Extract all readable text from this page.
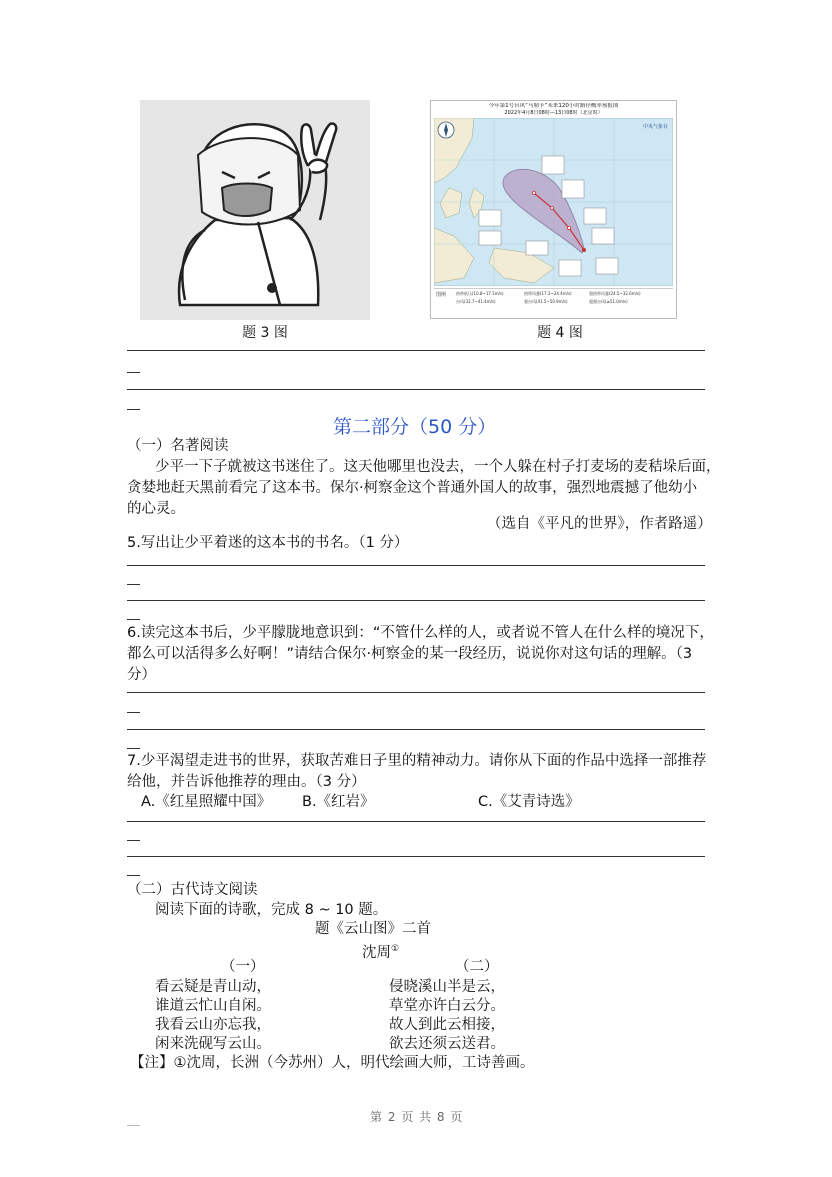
题 3 图
今年第1号台风“马勒卡”未来120小时路径概率预报图
2022年4月8日08时—13日08时（北京时）
中央气象台
图例 热带低压(10.8~17.1m/s)	热带风暴(17.2~24.4m/s)	强热带风暴(24.5~32.6m/s)
台风(32.7~41.4m/s)	强台风(41.5~50.9m/s)	超强台风(≥51.0m/s)
题 4 图
第二部分（50 分）
（一）名著阅读
少平一下子就被这书迷住了。这天他哪里也没去，一个人躲在村子打麦场的麦秸垛后面，
贪婪地赶天黑前看完了这本书。保尔·柯察金这个普通外国人的故事，强烈地震撼了他幼小
的心灵。
（选自《平凡的世界》，作者路遥）
5.写出让少平着迷的这本书的书名。（1 分）
6.读完这本书后，少平朦胧地意识到：“不管什么样的人，或者说不管人在什么样的境况下，
都么可以活得多么好啊！”请结合保尔·柯察金的某一段经历，说说你对这句话的理解。（3
分）
7.少平渴望走进书的世界，获取苦难日子里的精神动力。请你从下面的作品中选择一部推荐
给他，并告诉他推荐的理由。（3 分）
A.《红星照耀中国》 B.《红岩》	C.《艾青诗选》
（二）古代诗文阅读
阅读下面的诗歌，完成 8 ~ 10 题。
题《云山图》二首
沈周①
（一）	（二）
看云疑是青山动，
谁道云忙山自闲。
我看云山亦忘我，
闲来洗砚写云山。
侵晓溪山半是云，
草堂亦许白云分。
故人到此云相接，
欲去还须云送君。
【注】①沈周，长洲（今苏州）人，明代绘画大师，工诗善画。
第 2 页 共 8 页
